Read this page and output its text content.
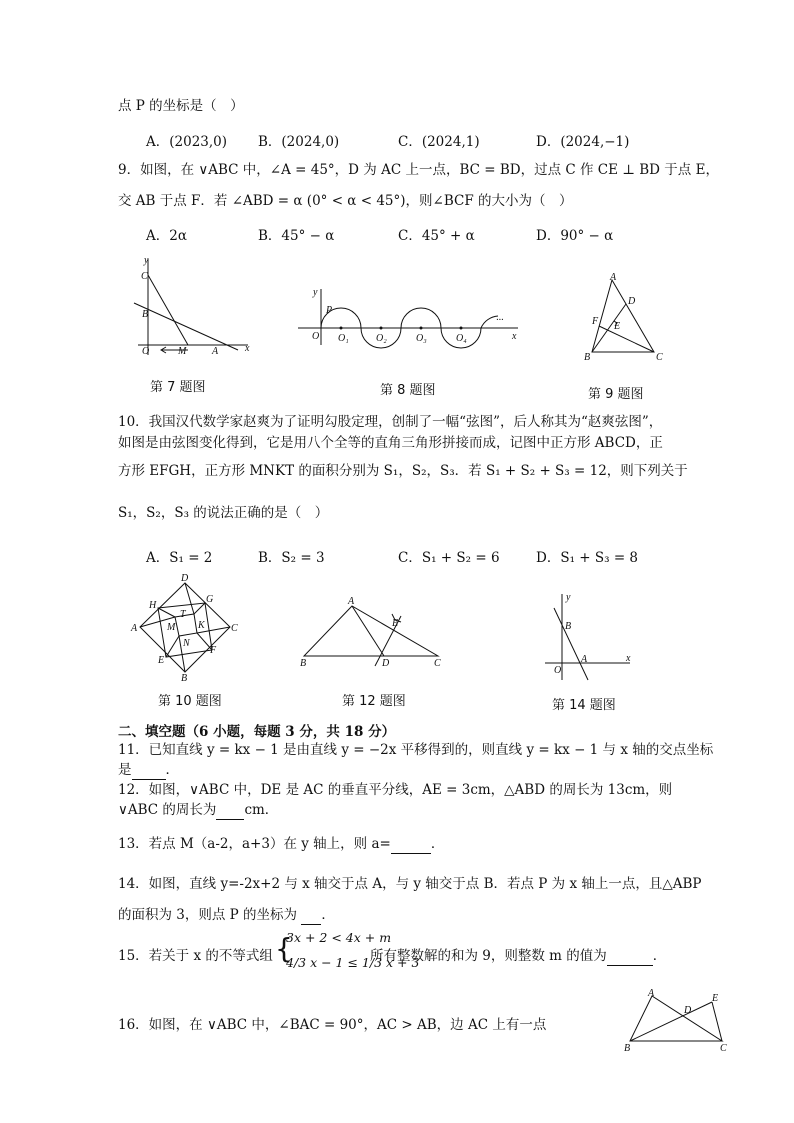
点 P 的坐标是（　）
A．(2023,0) B．(2024,0)	C．(2024,1)	D．(2024,−1)
9．如图，在 ∨ABC 中，∠A = 45°，D 为 AC 上一点，BC = BD，过点 C 作 CE ⊥ BD 于点 E，
交 AB 于点 F．若 ∠ABD = α (0° < α < 45°)，则∠BCF 的大小为（　）
A．2α	B．45° − α	C．45° + α	D．90° − α
y
C
B
O	M	A	x
第 7 题图
y
P
O O₁	O₂	O₃	O₄
···
x
第 8 题图
A
D
F E
B	C
第 9 题图
10．我国汉代数学家赵爽为了证明勾股定理，创制了一幅“弦图”，后人称其为“赵爽弦图”，
如图是由弦图变化得到，它是用八个全等的直角三角形拼接而成，记图中正方形 ABCD，正
方形 EFGH，正方形 MNKT 的面积分别为 S₁，S₂，S₃．若 S₁ + S₂ + S₃ = 12，则下列关于
S₁，S₂，S₃ 的说法正确的是（　）
A．S₁ = 2	B．S₂ = 3	C．S₁ + S₂ = 6	D．S₁ + S₃ = 8
D
H
G
T
A	M K	C
N
E
F
B
第 10 题图
A
E
B	D	C
第 12 题图
y
B
A
O
x
第 14 题图
二、填空题（6 小题，每题 3 分，共 18 分）
11．已知直线 y = kx − 1 是由直线 y = −2x 平移得到的，则直线 y = kx − 1 与 x 轴的交点坐标
是	．
12．如图，∨ABC 中，DE 是 AC 的垂直平分线，AE = 3cm，△ABD 的周长为 13cm，则
∨ABC 的周长为 cm．
13．若点 M（a-2，a+3）在 y 轴上，则 a=	．
14．如图，直线 y=-2x+2 与 x 轴交于点 A，与 y 轴交于点 B．若点 P 为 x 轴上一点，且△ABP
的面积为 3，则点 P 的坐标为 ．
15．若关于 x 的不等式组 {
3x + 2 < 4x + m
4/3 x − 1 ≤ 1/3 x + 3
所有整数解的和为 9，则整数 m 的值为	．
16．如图，在 ∨ABC 中，∠BAC = 90°，AC > AB，边 AC 上有一点
A	E
D
B	C
